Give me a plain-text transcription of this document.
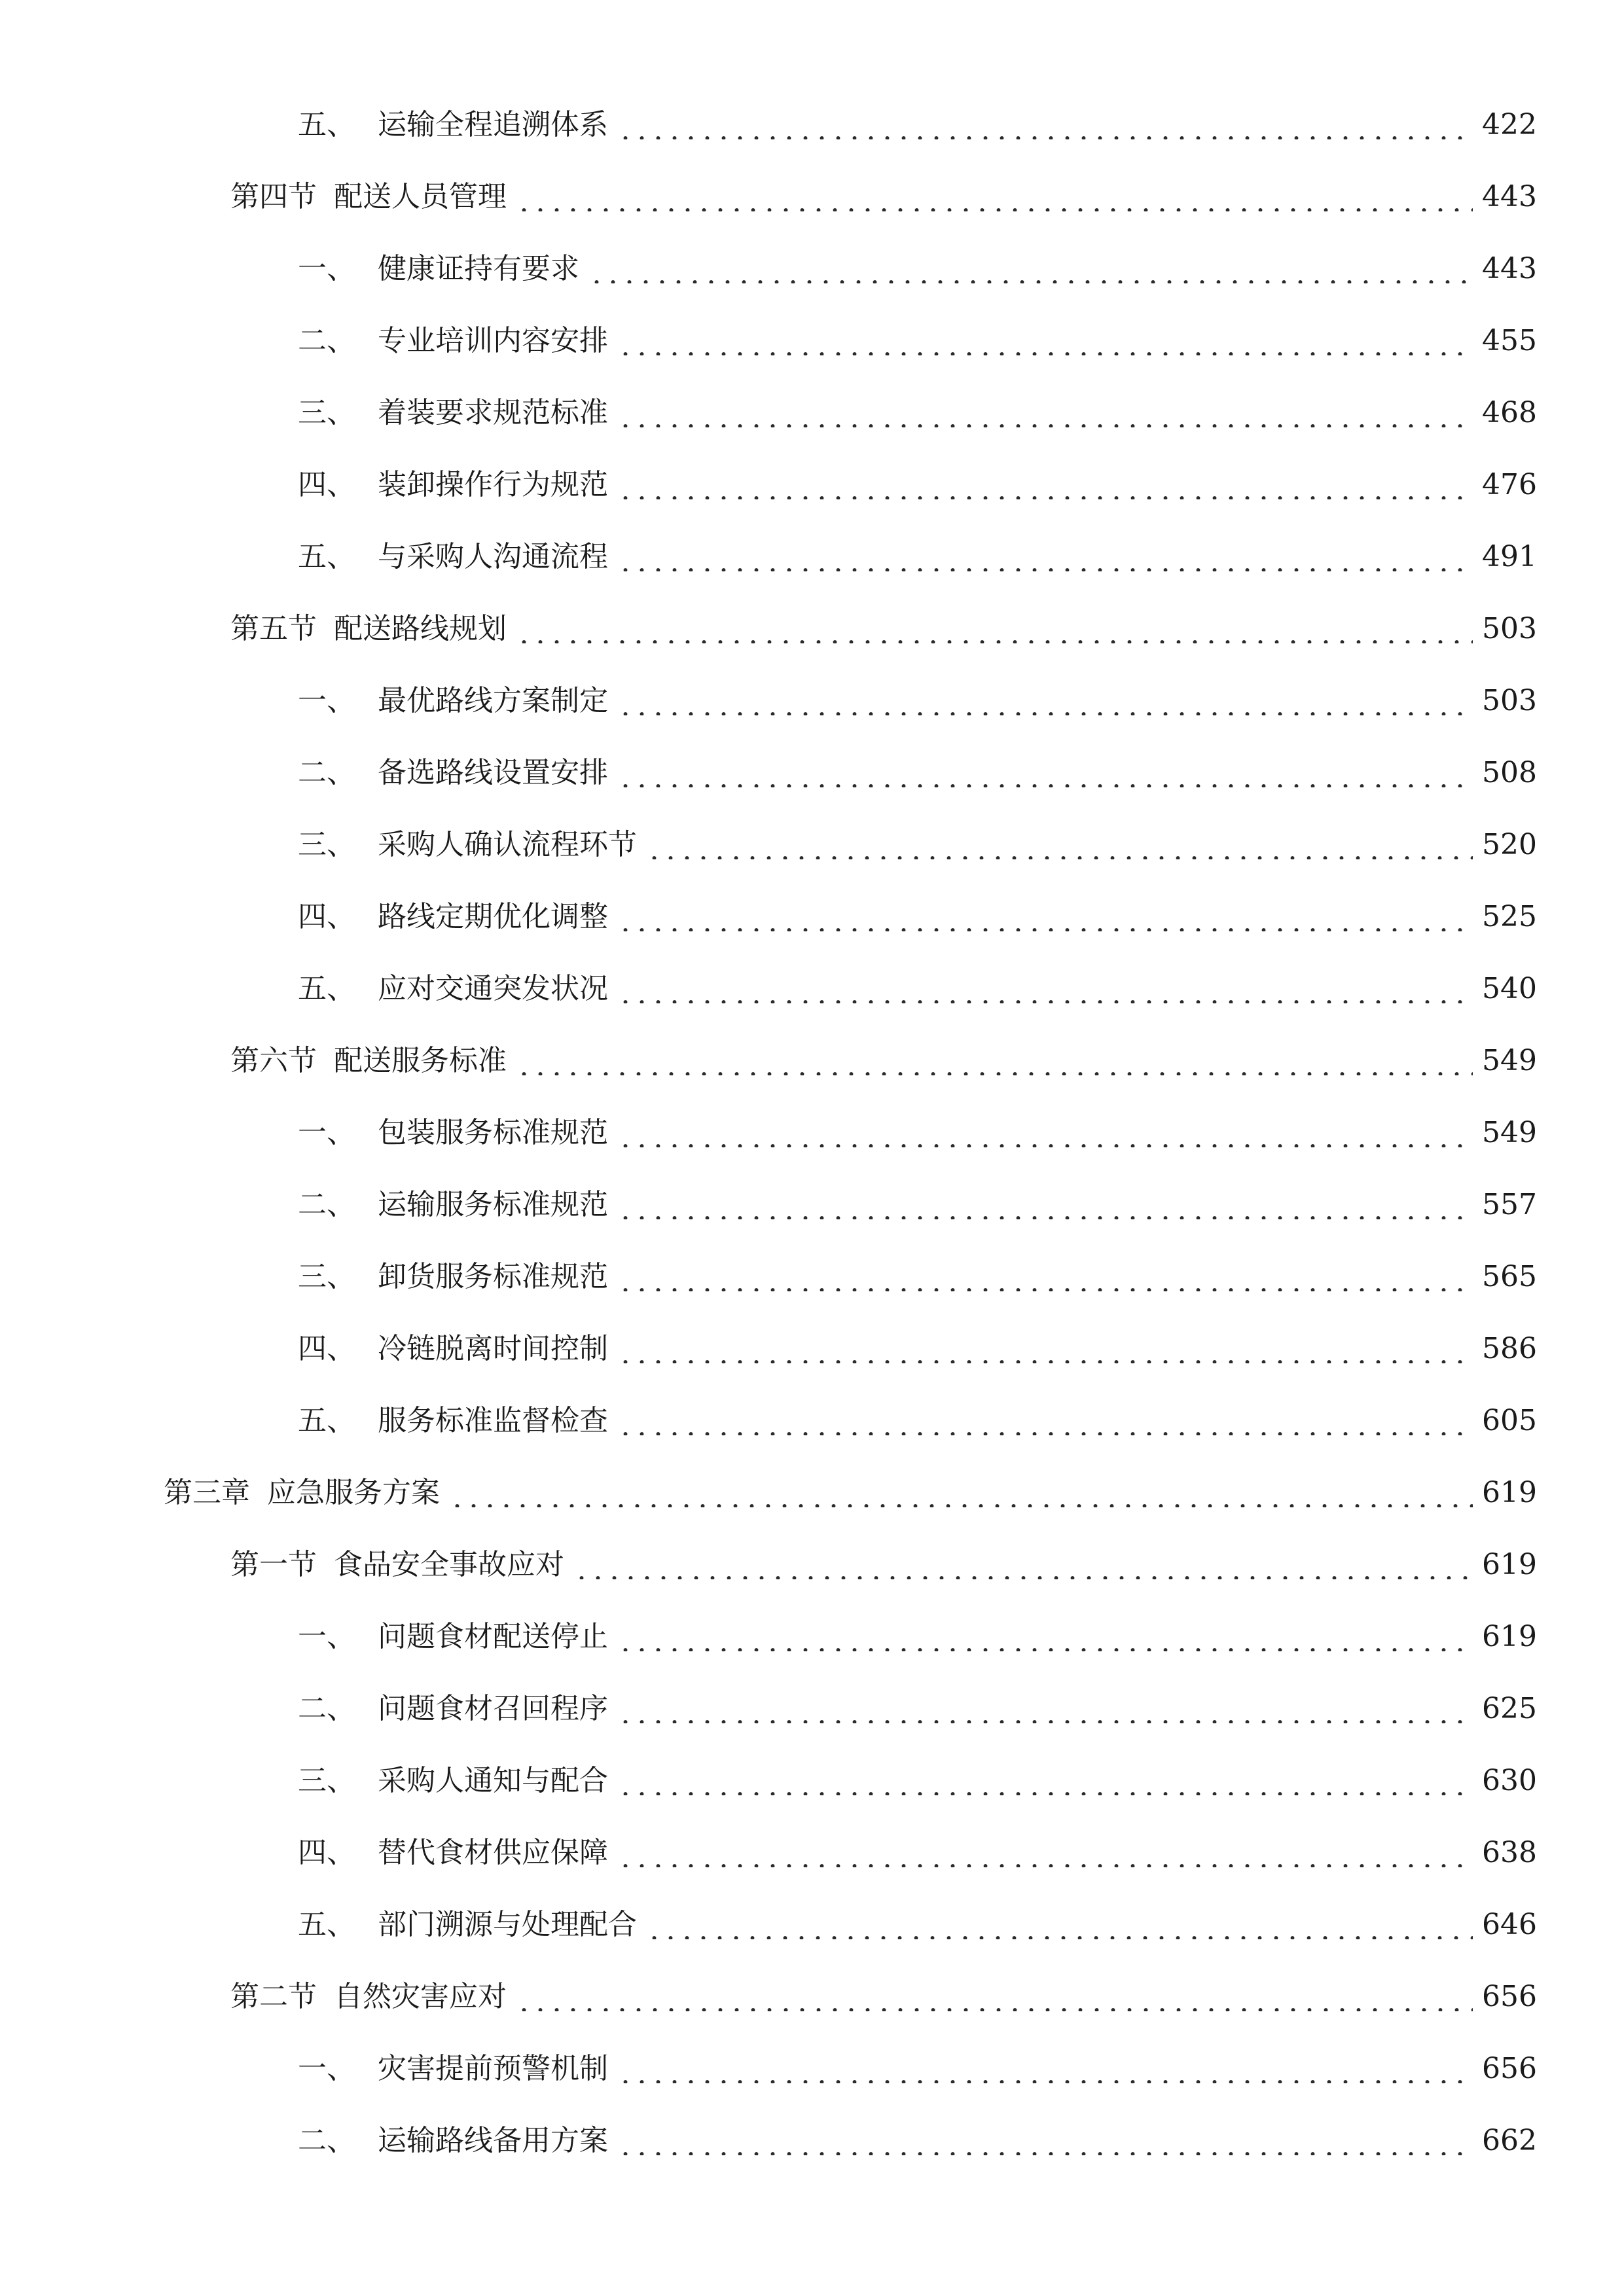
五、 运输全程追溯体系	422
第四节 配送人员管理	443
一、 健康证持有要求	443
二、 专业培训内容安排	455
三、 着装要求规范标准	468
四、 装卸操作行为规范	476
五、 与采购人沟通流程	491
第五节 配送路线规划	503
一、 最优路线方案制定	503
二、 备选路线设置安排	508
三、 采购人确认流程环节	520
四、 路线定期优化调整	525
五、 应对交通突发状况	540
第六节 配送服务标准	549
一、 包装服务标准规范	549
二、 运输服务标准规范	557
三、 卸货服务标准规范	565
四、 冷链脱离时间控制	586
五、 服务标准监督检查	605
第三章 应急服务方案	619
第一节 食品安全事故应对	619
一、 问题食材配送停止	619
二、 问题食材召回程序	625
三、 采购人通知与配合	630
四、 替代食材供应保障	638
五、 部门溯源与处理配合	646
第二节 自然灾害应对	656
一、 灾害提前预警机制	656
二、 运输路线备用方案	662
